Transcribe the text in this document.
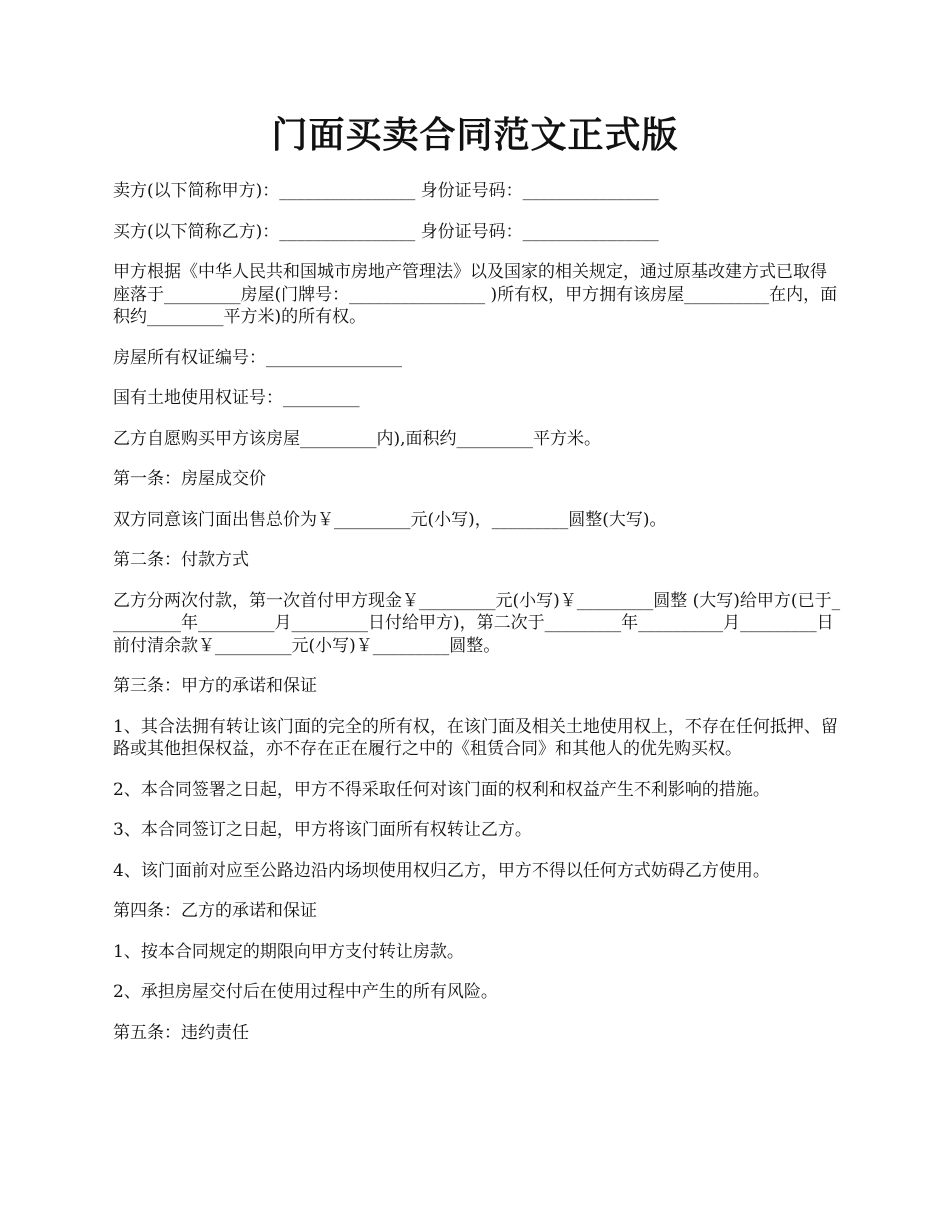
门面买卖合同范文正式版

卖方(以下简称甲方)：________________ 身份证号码：________________

买方(以下简称乙方)：________________ 身份证号码：________________

甲方根据《中华人民共和国城市房地产管理法》以及国家的相关规定，通过原基改建方式已取得座落于_________房屋(门牌号：________________ )所有权，甲方拥有该房屋__________在内，面积约_________平方米)的所有权。

房屋所有权证编号：________________

国有土地使用权证号：_________

乙方自愿购买甲方该房屋_________内),面积约_________平方米。

第一条：房屋成交价

双方同意该门面出售总价为￥_________元(小写)，_________圆整(大写)。

第二条：付款方式

乙方分两次付款，第一次首付甲方现金￥_________元(小写)￥_________圆整 (大写)给甲方(已于_________年_________月_________日付给甲方)，第二次于_________年__________月_________日前付清余款￥_________元(小写)￥_________圆整。

第三条：甲方的承诺和保证

1、其合法拥有转让该门面的完全的所有权，在该门面及相关土地使用权上，不存在任何抵押、留路或其他担保权益，亦不存在正在履行之中的《租赁合同》和其他人的优先购买权。

2、本合同签署之日起，甲方不得采取任何对该门面的权利和权益产生不利影响的措施。

3、本合同签订之日起，甲方将该门面所有权转让乙方。

4、该门面前对应至公路边沿内场坝使用权归乙方，甲方不得以任何方式妨碍乙方使用。

第四条：乙方的承诺和保证

1、按本合同规定的期限向甲方支付转让房款。

2、承担房屋交付后在使用过程中产生的所有风险。

第五条：违约责任
